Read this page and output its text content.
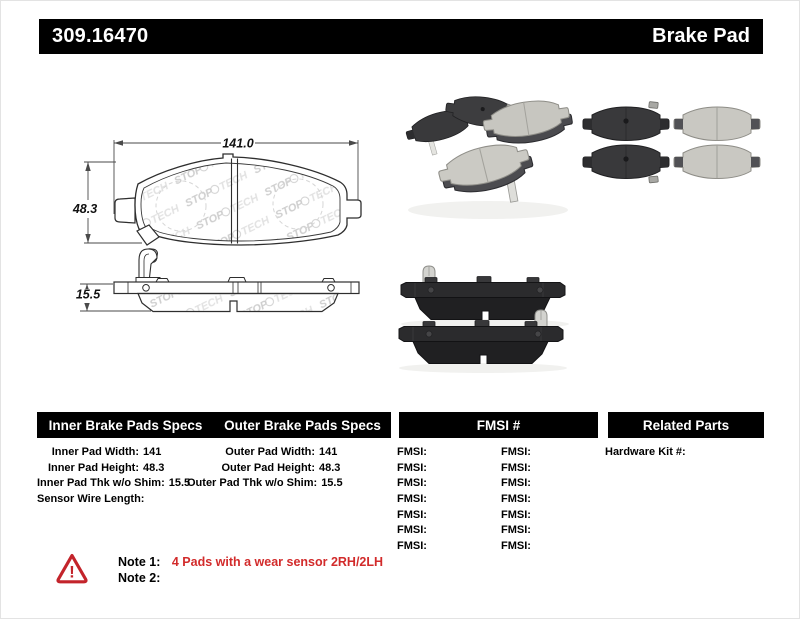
309.16470	Brake Pad
141.0
48.3
15.5
Inner Brake Pads Specs	Outer Brake Pads Specs	FMSI #	Related Parts
Inner Pad Width: 141
Inner Pad Height: 48.3
Inner Pad Thk w/o Shim: 15.5
Sensor Wire Length:
Outer Pad Width: 141
Outer Pad Height: 48.3
Outer Pad Thk w/o Shim: 15.5
FMSI:	FMSI:
FMSI:	FMSI:
FMSI:	FMSI:
FMSI:	FMSI:
FMSI:	FMSI:
FMSI:	FMSI:
FMSI:	FMSI:
Hardware Kit #:
!
Note 1: 4 Pads with a wear sensor 2RH/2LH
Note 2:
